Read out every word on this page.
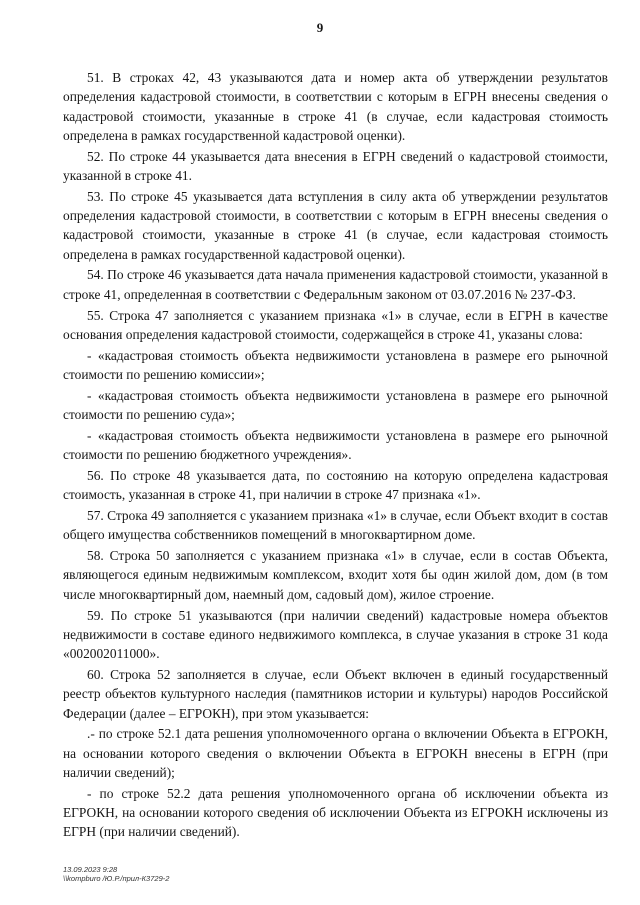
9

51. В строках 42, 43 указываются дата и номер акта об утверждении результатов определения кадастровой стоимости, в соответствии с которым в ЕГРН внесены сведения о кадастровой стоимости, указанные в строке 41 (в случае, если кадастровая стоимость определена в рамках государственной кадастровой оценки).

52. По строке 44 указывается дата внесения в ЕГРН сведений о кадастровой стоимости, указанной в строке 41.

53. По строке 45 указывается дата вступления в силу акта об утверждении результатов определения кадастровой стоимости, в соответствии с которым в ЕГРН внесены сведения о кадастровой стоимости, указанные в строке 41 (в случае, если кадастровая стоимость определена в рамках государственной кадастровой оценки).

54. По строке 46 указывается дата начала применения кадастровой стоимости, указанной в строке 41, определенная в соответствии с Федеральным законом от 03.07.2016 № 237-ФЗ.

55. Строка 47 заполняется с указанием признака «1» в случае, если в ЕГРН в качестве основания определения кадастровой стоимости, содержащейся в строке 41, указаны слова:

- «кадастровая стоимость объекта недвижимости установлена в размере его рыночной стоимости по решению комиссии»;

- «кадастровая стоимость объекта недвижимости установлена в размере его рыночной стоимости по решению суда»;

- «кадастровая стоимость объекта недвижимости установлена в размере его рыночной стоимости по решению бюджетного учреждения».

56. По строке 48 указывается дата, по состоянию на которую определена кадастровая стоимость, указанная в строке 41, при наличии в строке 47 признака «1».

57. Строка 49 заполняется с указанием признака «1» в случае, если Объект входит в состав общего имущества собственников помещений в многоквартирном доме.

58. Строка 50 заполняется с указанием признака «1» в случае, если в состав Объекта, являющегося единым недвижимым комплексом, входит хотя бы один жилой дом, дом (в том числе многоквартирный дом, наемный дом, садовый дом), жилое строение.

59. По строке 51 указываются (при наличии сведений) кадастровые номера объектов недвижимости в составе единого недвижимого комплекса, в случае указания в строке 31 кода «002002011000».

60. Строка 52 заполняется в случае, если Объект включен в единый государственный реестр объектов культурного наследия (памятников истории и культуры) народов Российской Федерации (далее – ЕГРОКН), при этом указывается:

.- по строке 52.1 дата решения уполномоченного органа о включении Объекта в ЕГРОКН, на основании которого сведения о включении Объекта в ЕГРОКН внесены в ЕГРН (при наличии сведений);

- по строке 52.2 дата решения уполномоченного органа об исключении объекта из ЕГРОКН, на основании которого сведения об исключении Объекта из ЕГРОКН исключены из ЕГРН (при наличии сведений).

13.09.2023 9:28
\\kompburo /Ю.Р./прил-К3729-2
